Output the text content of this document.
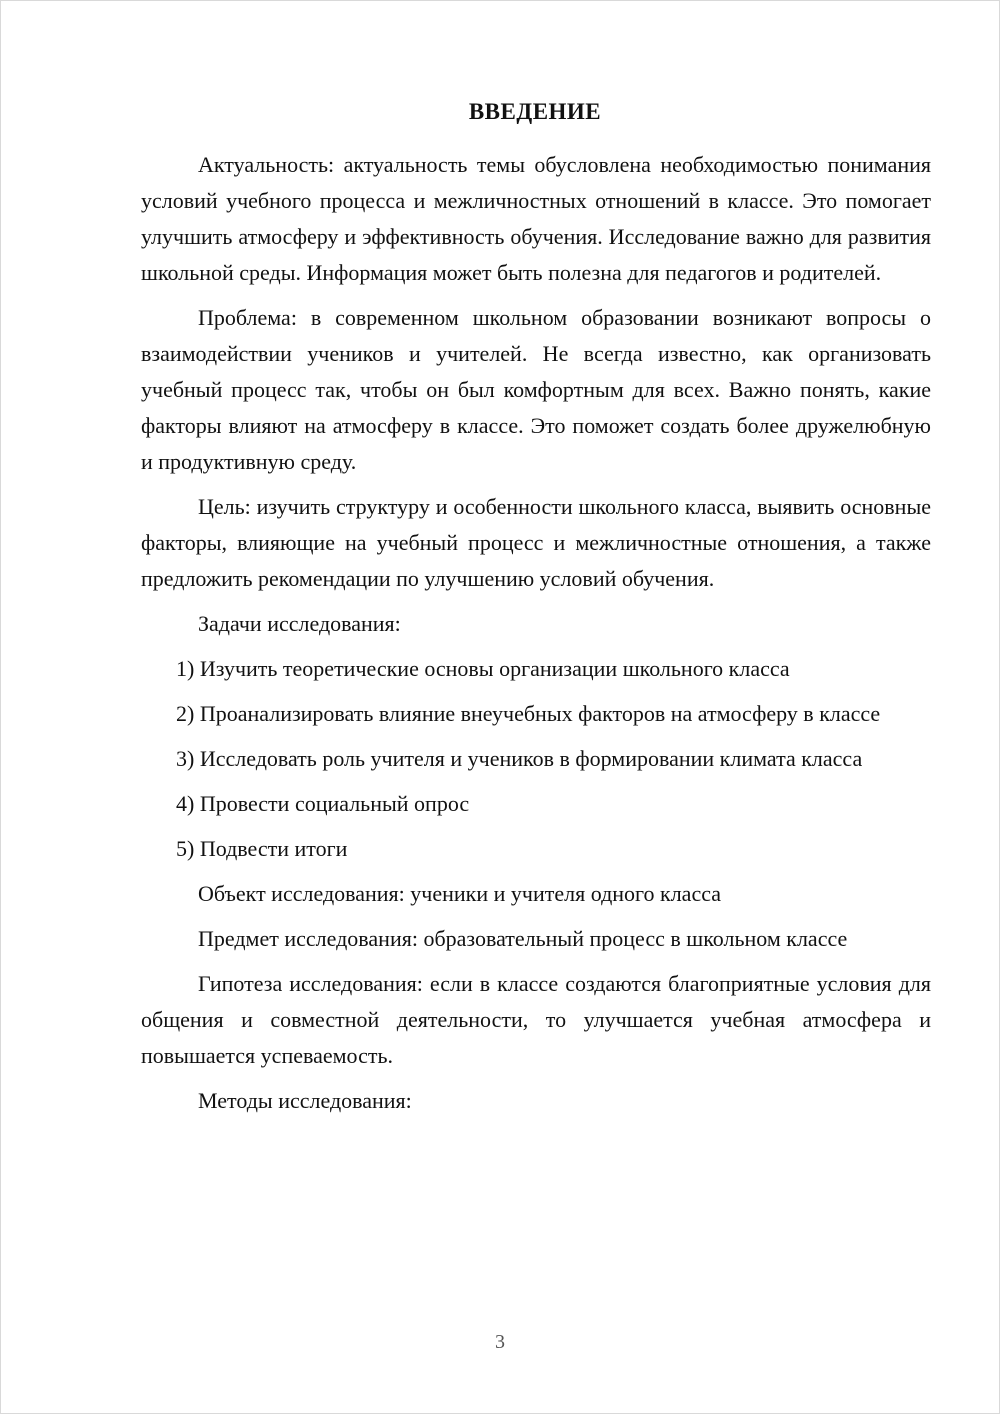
ВВЕДЕНИЕ

Актуальность: актуальность темы обусловлена необходимостью понимания условий учебного процесса и межличностных отношений в классе. Это помогает улучшить атмосферу и эффективность обучения. Исследование важно для развития школьной среды. Информация может быть полезна для педагогов и родителей.

Проблема: в современном школьном образовании возникают вопросы о взаимодействии учеников и учителей. Не всегда известно, как организовать учебный процесс так, чтобы он был комфортным для всех. Важно понять, какие факторы влияют на атмосферу в классе. Это поможет создать более дружелюбную и продуктивную среду.

Цель: изучить структуру и особенности школьного класса, выявить основные факторы, влияющие на учебный процесс и межличностные отношения, а также предложить рекомендации по улучшению условий обучения.

Задачи исследования:

1) Изучить теоретические основы организации школьного класса

2) Проанализировать влияние внеучебных факторов на атмосферу в классе

3) Исследовать роль учителя и учеников в формировании климата класса

4) Провести социальный опрос

5) Подвести итоги

Объект исследования: ученики и учителя одного класса

Предмет исследования: образовательный процесс в школьном классе

Гипотеза исследования: если в классе создаются благоприятные условия для общения и совместной деятельности, то улучшается учебная атмосфера и повышается успеваемость.

Методы исследования:

3
